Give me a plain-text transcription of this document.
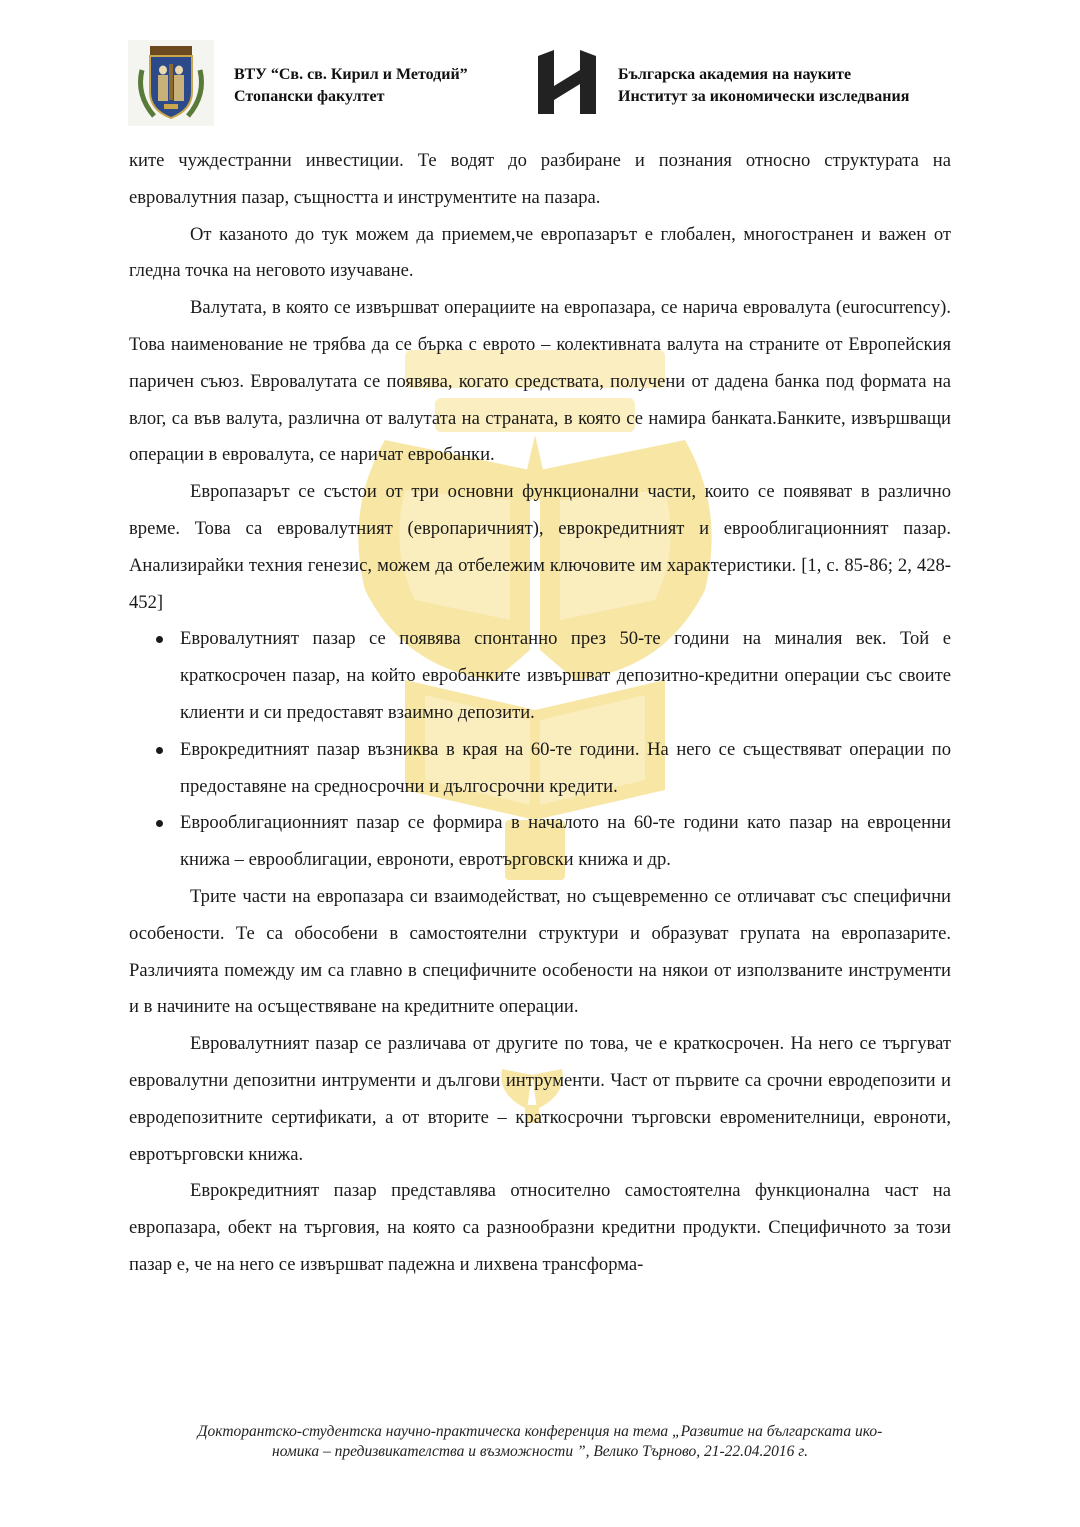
ВТУ “Св. св. Кирил и Методий”
Стопански факултет
Българска академия на науките
Институт за икономически изследвания

ките чуждестранни инвестиции. Те водят до разбиране и познания относно структурата на евровалутния пазар, същността и инструментите на пазара.

От казаното до тук можем да приемем,че европазарът е глобален, многостранен и важен от гледна точка на неговото изучаване.

Валутата, в която се извършват операциите на европазара, се нарича евровалута (eurocurrency). Това наименование не трябва да се бърка с еврото – колективната валута на страните от Европейския паричен съюз. Евровалутата се появява, когато средствата, получени от дадена банка под формата на влог, са във валута, различна от валутата на страната, в която се намира банката.Банките, извършващи операции в евровалута, се наричат евробанки.

Европазарът се състои от три основни функционални части, които се появяват в различно време. Това са евровалутният (европаричният), еврокредитният и еврооблигационният пазар. Анализирайки техния генезис, можем да отбележим ключовите им характеристики. [1, с. 85-86; 2, 428-452]

Евровалутният пазар се появява спонтанно през 50-те години на миналия век. Той е краткосрочен пазар, на който евробанките извършват депозитно-кредитни операции със своите клиенти и си предоставят взаимно депозити.
Еврокредитният пазар възниква в края на 60-те години. На него се съществяват операции по предоставяне на средносрочни и дългосрочни кредити.
Еврооблигационният пазар се формира в началото на 60-те години като пазар на евроценни книжа – еврооблигации, евроноти, евротърговски книжа и др.

Трите части на европазара си взаимодействат, но същевременно се отличават със специфични особености. Те са обособени в самостоятелни структури и образуват групата на европазарите. Различията помежду им са главно в специфичните особености на някои от използваните инструменти и в начините на осъществяване на кредитните операции.

Евровалутният пазар се различава от другите по това, че е краткосрочен. На него се търгуват евровалутни депозитни интрументи и дългови интрументи. Част от първите са срочни евродепозити и евродепозитните сертификати, а от вторите – краткосрочни търговски евроменителници, евроноти, евротърговски книжа.

Еврокредитният пазар представлява относително самостоятелна функционална част на европазара, обект на търговия, на която са разнообразни кредитни продукти. Специфичното за този пазар е, че на него се извършват падежна и лихвена трансформа-

Докторантско-студентска научно-практическа конференция на тема „Развитие на българската ико-
номика – предизвикателства и възможности ”, Велико Търново, 21-22.04.2016 г.
